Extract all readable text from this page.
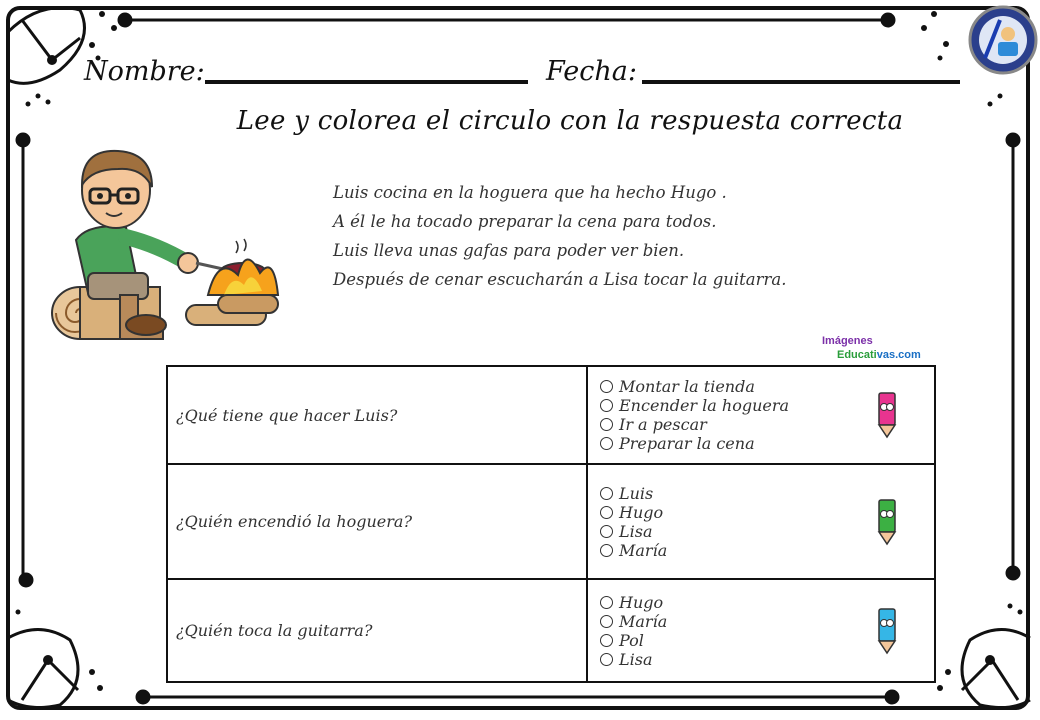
Nombre:	Fecha:
Lee y colorea el circulo con la respuesta correcta

Luis cocina en la hoguera que ha hecho Hugo .

A él le ha tocado preparar la cena para todos.

Luis lleva unas gafas para poder ver bien.

Después de cenar escucharán a Lisa tocar la guitarra.

Imágenes
Educativas.com
¿Qué tiene que hacer Luis?	Montar la tienda
Encender la hoguera
Ir a pescar
Preparar la cena

¿Quién encendió la hoguera?	Luis
Hugo
Lisa
María

¿Quién toca la guitarra?	Hugo
María
Pol
Lisa
